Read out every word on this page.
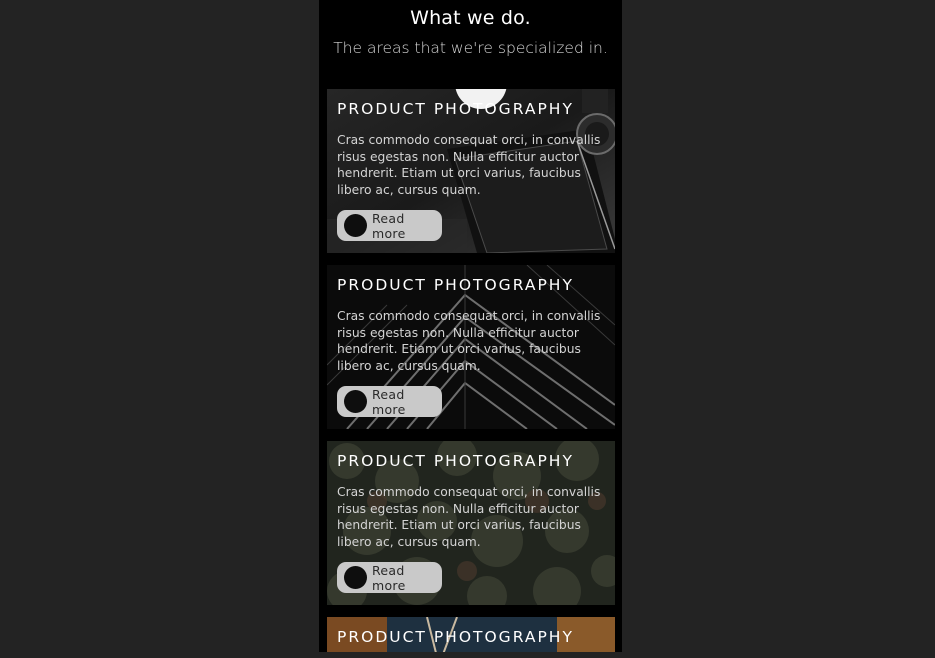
What we do.
The areas that we're specialized in.
PRODUCT PHOTOGRAPHY
Cras commodo consequat orci, in convallis risus egestas non. Nulla efficitur auctor hendrerit. Etiam ut orci varius, faucibus libero ac, cursus quam.
Read more
PRODUCT PHOTOGRAPHY
Cras commodo consequat orci, in convallis risus egestas non. Nulla efficitur auctor hendrerit. Etiam ut orci varius, faucibus libero ac, cursus quam.
Read more
PRODUCT PHOTOGRAPHY
Cras commodo consequat orci, in convallis risus egestas non. Nulla efficitur auctor hendrerit. Etiam ut orci varius, faucibus libero ac, cursus quam.
Read more
PRODUCT PHOTOGRAPHY
